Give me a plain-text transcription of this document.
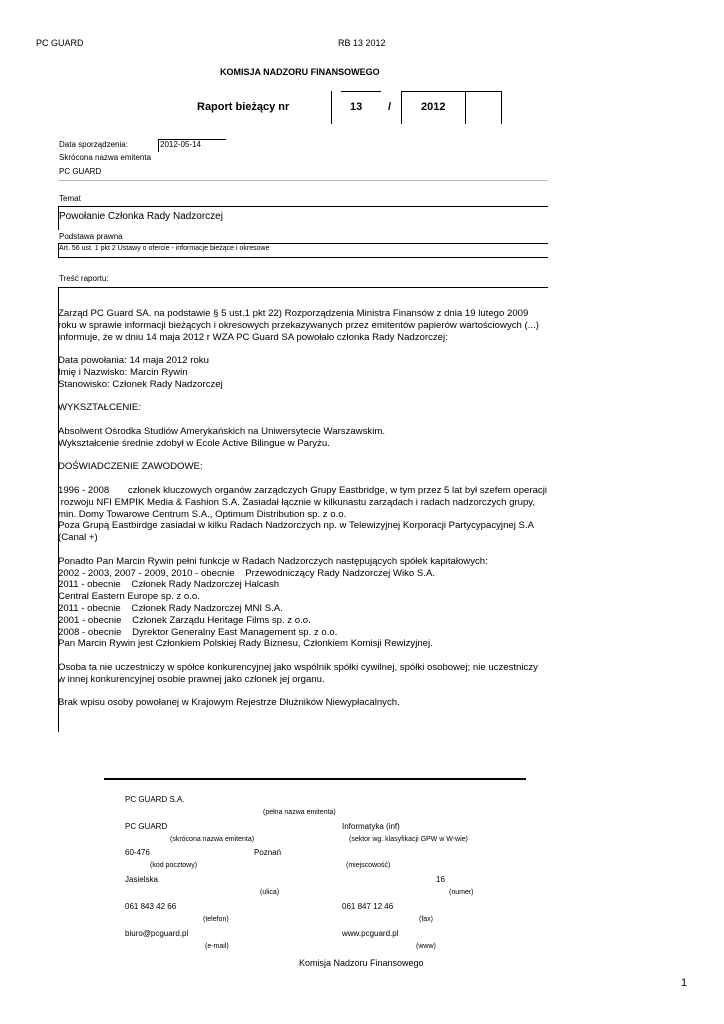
PC GUARD	RB 13 2012
KOMISJA NADZORU FINANSOWEGO
Raport bieżący nr	13 /	2012
Data sporządzenia:	2012-05-14
Skrócona nazwa emitenta
PC GUARD
Temat
Powołanie Członka Rady Nadzorczej
Podstawa prawna
Art. 56 ust. 1 pkt 2 Ustawy o ofercie - informacje bieżące i okresowe
Treść raportu:
Zarząd PC Guard SA. na podstawie § 5 ust.1 pkt 22) Rozporządzenia Ministra Finansów z dnia 19 lutego 2009
roku w sprawie informacji bieżących i okresowych przekazywanych przez emitentów papierów wartościowych (...)
informuje, że w dniu 14 maja 2012 r WZA PC Guard SA powołało członka Rady Nadzorczej:
Data powołania: 14 maja 2012 roku
Imię i Nazwisko: Marcin Rywin
Stanowisko: Członek Rady Nadzorczej
WYKSZTAŁCENIE:
Absolwent Ośrodka Studiów Amerykańskich na Uniwersytecie Warszawskim.
Wykształcenie średnie zdobył w Ecole Active Bilingue w Paryżu.
DOŚWIADCZENIE ZAWODOWE:
1996 - 2008       członek kluczowych organów zarządczych Grupy Eastbridge, w tym przez 5 lat był szefem operacji
rozwoju NFI EMPIK Media & Fashion S.A. Zasiadał łącznie w kilkunastu zarządach i radach nadzorczych grupy,
min. Domy Towarowe Centrum S.A., Optimum Distribution sp. z o.o.
Poza Grupą Eastbirdge zasiadał w kilku Radach Nadzorczych np. w Telewizyjnej Korporacji Partycypacyjnej S.A
(Canal +)
Ponadto Pan Marcin Rywin pełni funkcje w Radach Nadzorczych następujących spółek kapitałowych:
2002 - 2003, 2007 - 2009, 2010 - obecnie    Przewodniczący Rady Nadzorczej Wiko S.A.
2011 - obecnie    Członek Rady Nadzorczej Halcash
Central Eastern Europe sp. z o.o.
2011 - obecnie    Członek Rady Nadzorczej MNI S.A.
2001 - obecnie    Członek Zarządu Heritage Films sp. z o.o.
2008 - obecnie    Dyrektor Generalny East Management sp. z o.o.
Pan Marcin Rywin jest Członkiem Polskiej Rady Biznesu, Członkiem Komisji Rewizyjnej.
Osoba ta nie uczestniczy w spółce konkurencyjnej jako wspólnik spółki cywilnej, spółki osobowej; nie uczestniczy
w innej konkurencyjnej osobie prawnej jako członek jej organu.
Brak wpisu osoby powołanej w Krajowym Rejestrze Dłużników Niewypłacalnych.
PC GUARD S.A.
(pełna nazwa emitenta)
PC GUARD	Informatyka (inf)
(skrócona nazwa emitenta)	(sektor wg. klasyfikacji GPW w W-wie)
60-476	Poznań
(kod pocztowy)	(miejscowość)
Jasielska	16
(ulica)	(numer)
061 843 42 66	061 847 12 46
(telefon)	(fax)
biuro@pcguard.pl	www.pcguard.pl
(e-mail)	(www)
Komisja Nadzoru Finansowego
1
